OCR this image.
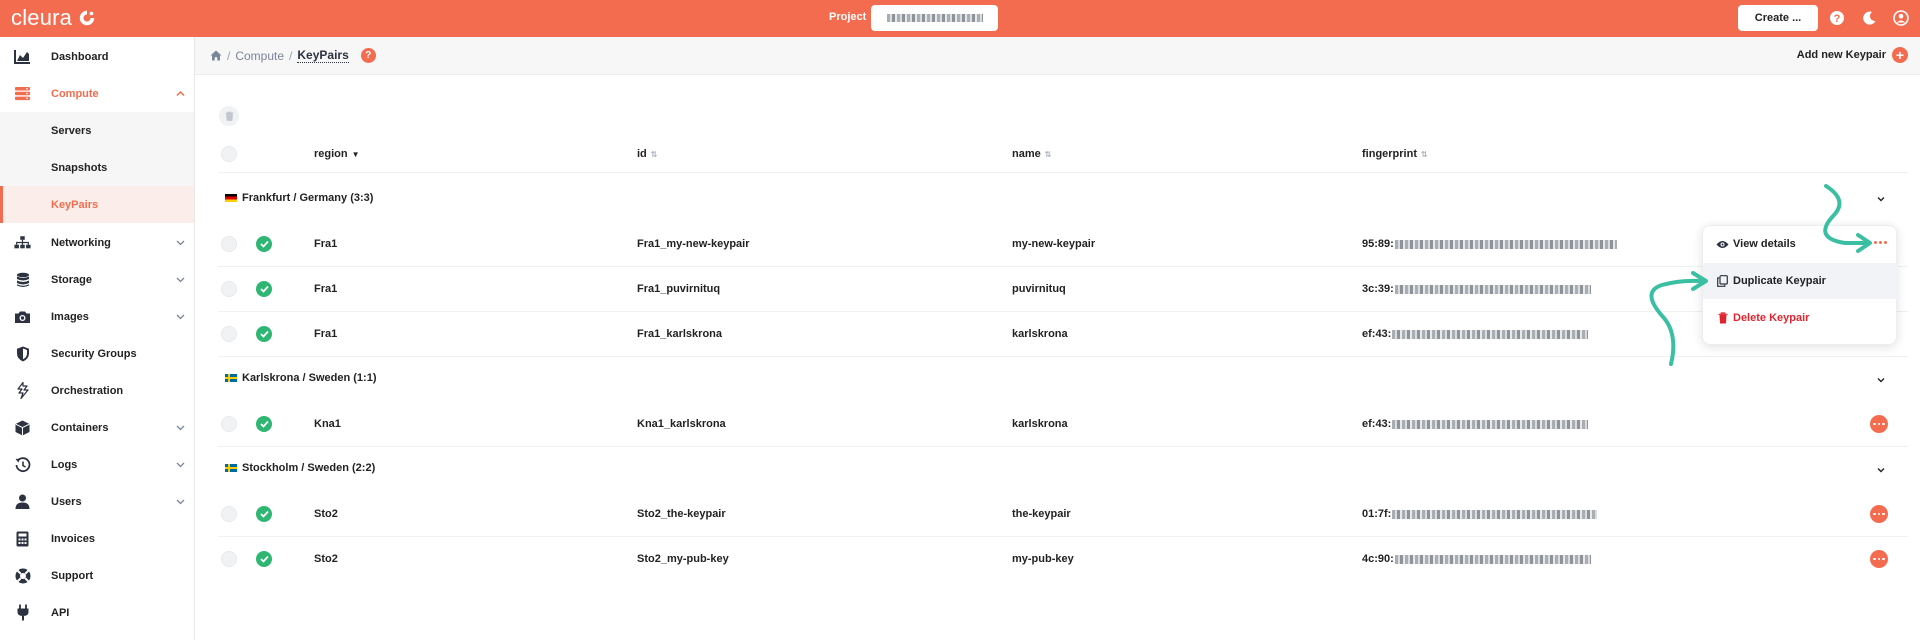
cleura	Project	Create ...	?
Dashboard
Compute
Servers
Snapshots
KeyPairs
Networking
Storage
Images
Security Groups
Orchestration
Containers
Logs
Users
Invoices
Support
API
/ Compute / KeyPairs	?	Add new Keypair +
region ▼	id ⇅	name ⇅	fingerprint ⇅
Frankfurt / Germany (3:3)
Fra1	Fra1_my-new-keypair	my-new-keypair	95:89:
Fra1	Fra1_puvirnituq	puvirnituq	3c:39:
Fra1	Fra1_karlskrona	karlskrona	ef:43:
Karlskrona / Sweden (1:1)
Kna1	Kna1_karlskrona	karlskrona	ef:43:
Stockholm / Sweden (2:2)
Sto2	Sto2_the-keypair	the-keypair	01:7f:
Sto2	Sto2_my-pub-key	my-pub-key	4c:90:
View details
Duplicate Keypair
Delete Keypair
